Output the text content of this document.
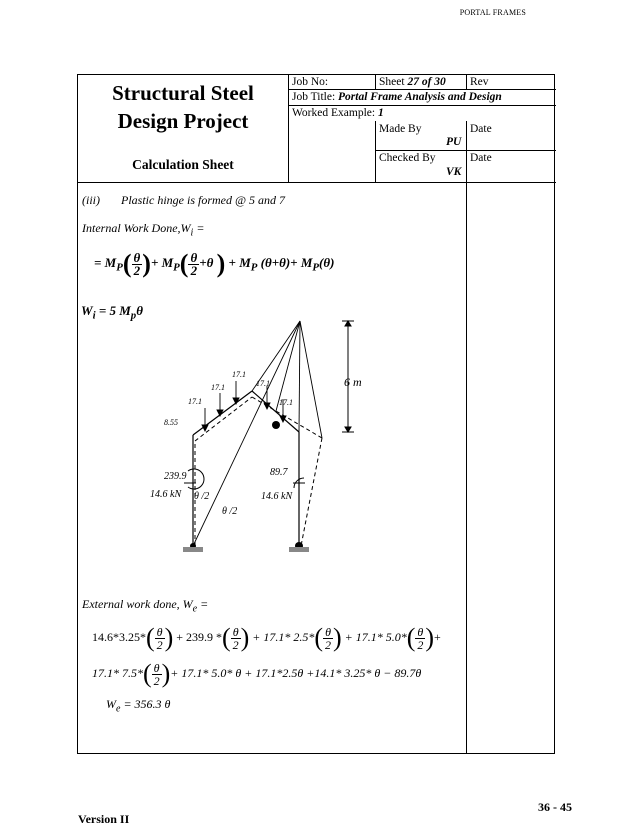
PORTAL FRAMES
Structural Steel
Design Project
Calculation Sheet
Job No:	Sheet 27 of 30 Rev
Job Title: Portal Frame Analysis and Design
Worked Example: 1
Made By
PU
Date
Checked By
VK
Date
(iii) Plastic hinge is formed @ 5 and 7
Internal Work $Done,W_i$ =
= $M_P( \frac{\theta}{2}$ )+ $M_P( \frac{\theta}{2} +\theta$ ) + $M_P$ $(\theta+\theta)+ M_P(\theta)$
$W_i = 5$ $M_p\theta$
17.1
17.1	17.1
17.1	17.1
8.55
6 m
239.9	89.7
14.6 kN	14.6 kN
θ /2
θ /2
External work done, $W_e$ =
$14.6*3.25*( \frac{\theta}{2}$ ) + 239.9 *( $\frac{\theta}{2}$ ) + 17.1* $2.5*( \frac{\theta}{2}$ ) + 17.1* $5.0*( \frac{\theta}{2}$ )+
17.1* $7.5*( \frac{\theta}{2}$ )+ 17.1* 5.0* θ + 17.1*2.5θ +14.1* 3.25* θ − 89.7θ
$W_e = 356.3$ θ
36 - 45
Version II
